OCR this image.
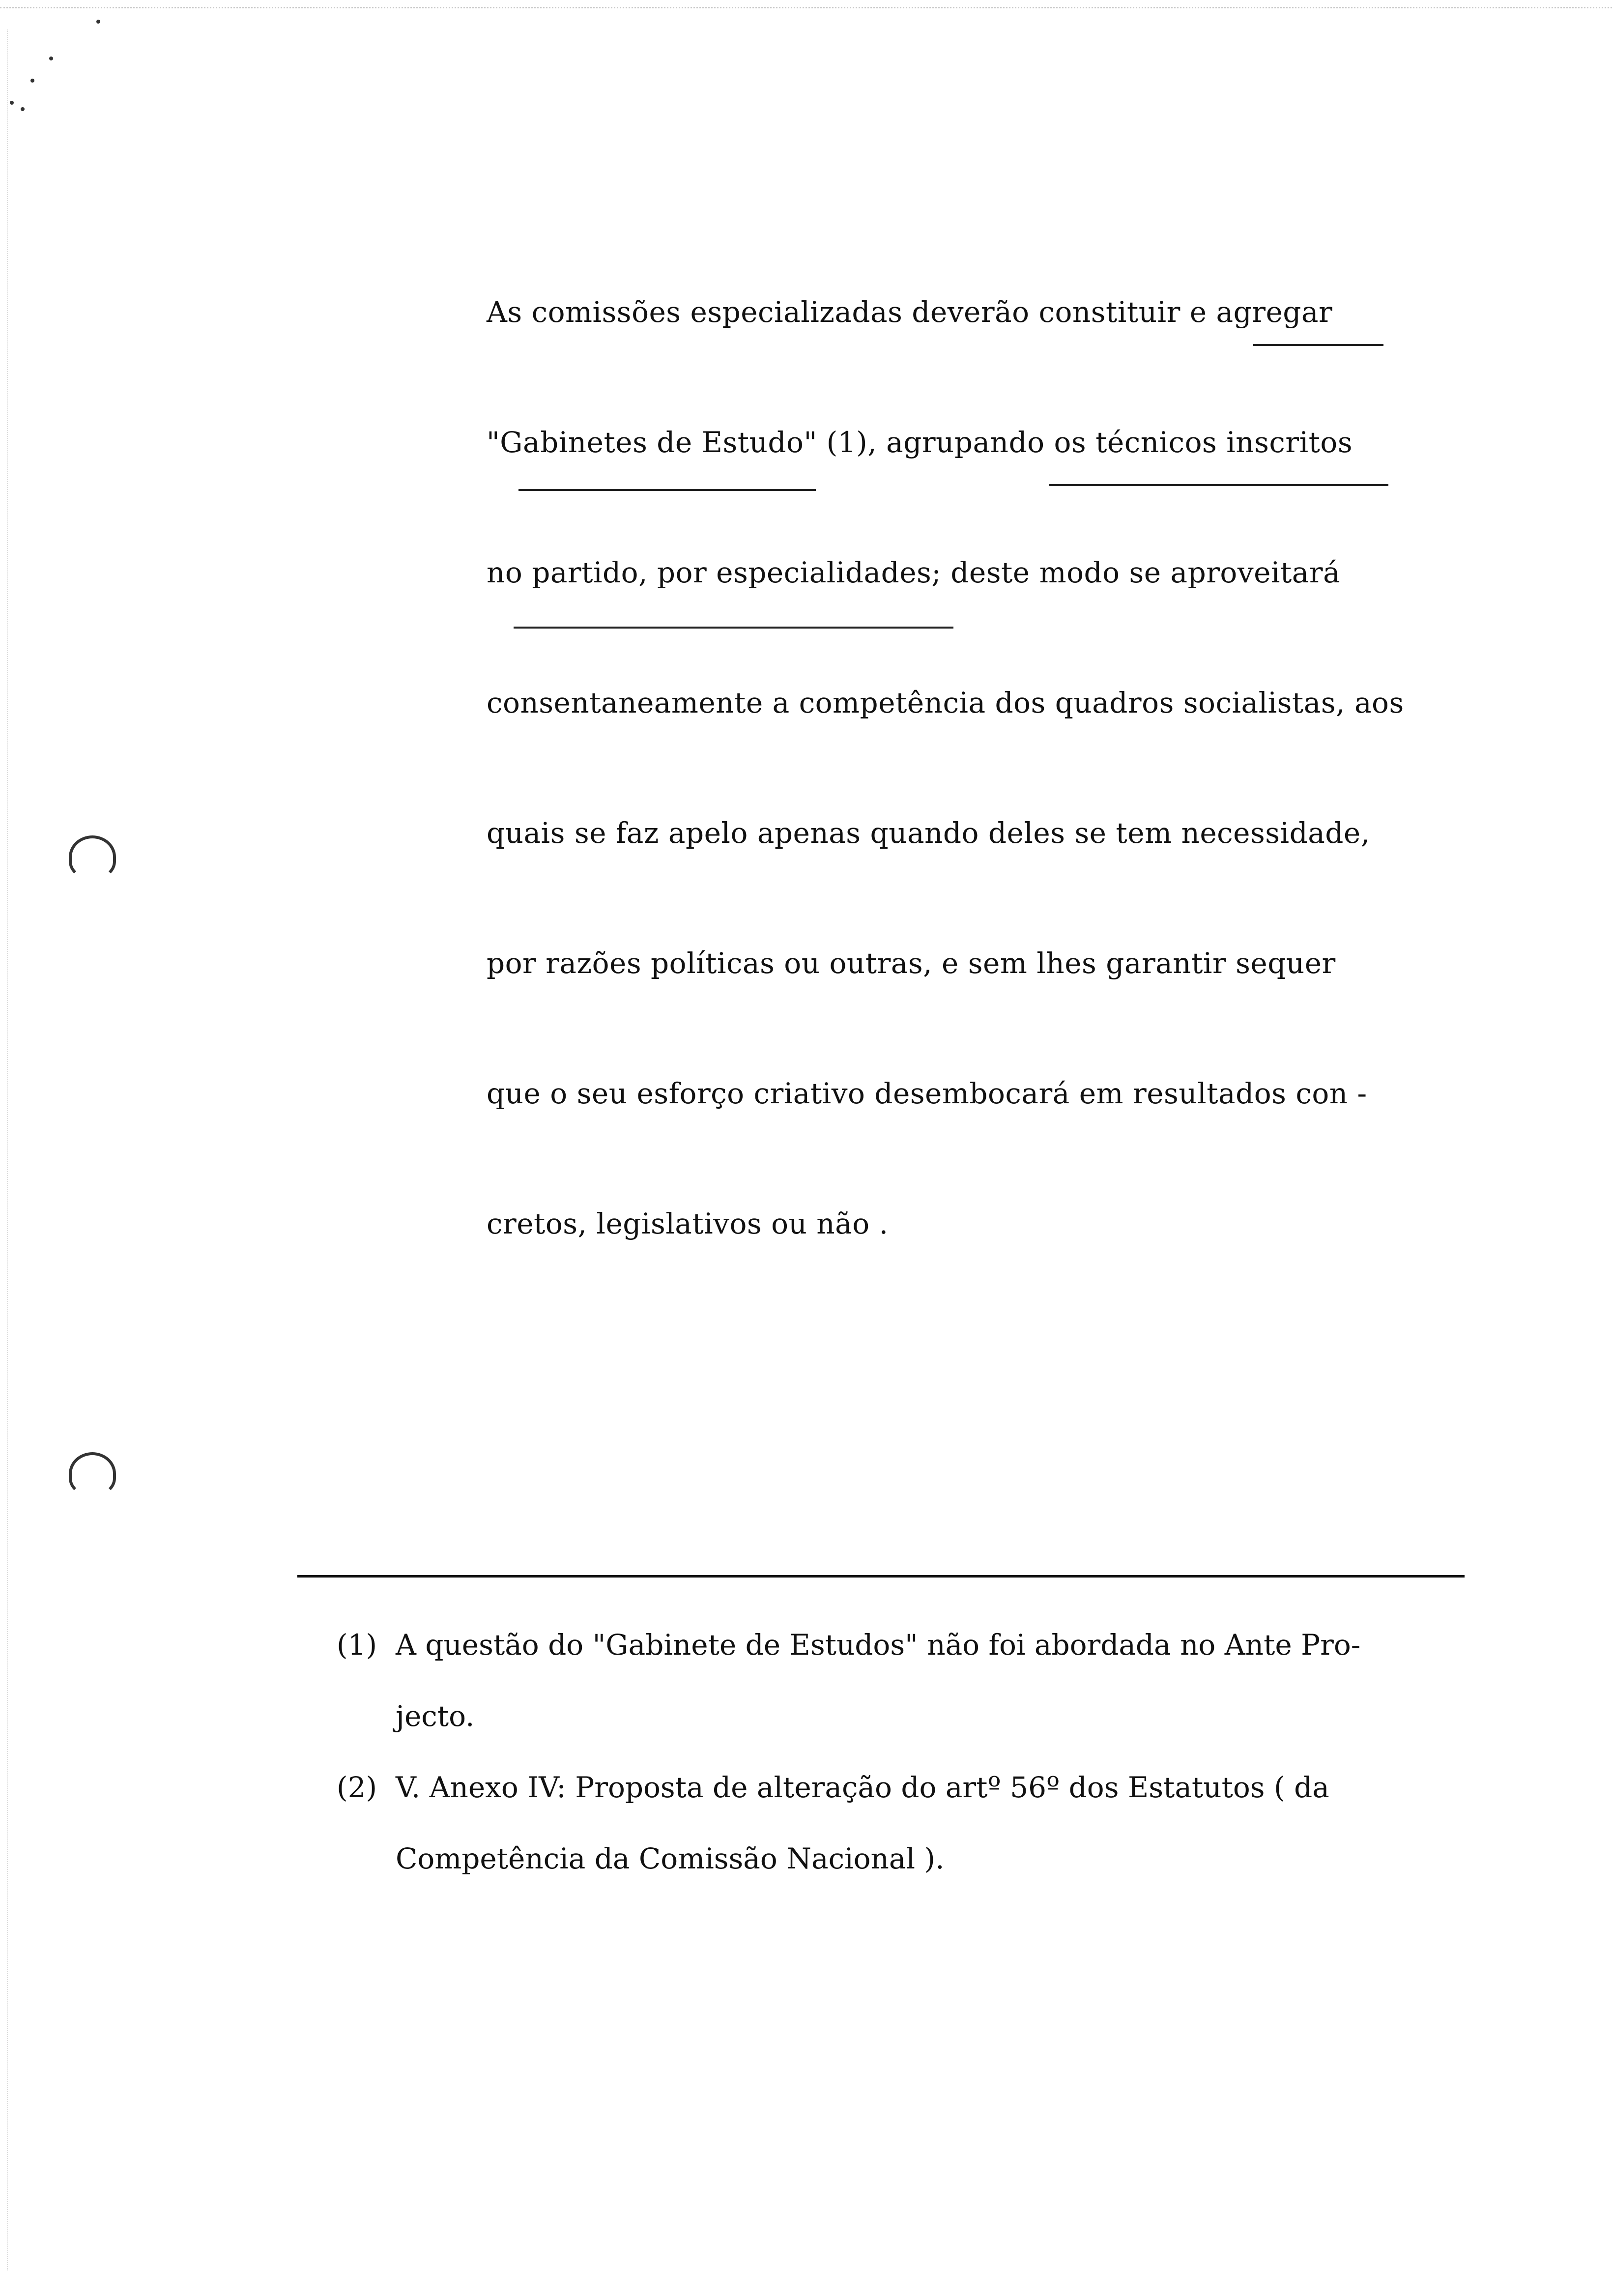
As comissões especializadas deverão constituir e agregar
"Gabinetes de Estudo" (1), agrupando os técnicos inscritos
no partido, por especialidades; deste modo se aproveitará
consentaneamente a competência dos quadros socialistas, aos
quais se faz apelo apenas quando deles se tem necessidade,
por razões políticas ou outras, e sem lhes garantir sequer
que o seu esforço criativo desembocará em resultados con -
cretos, legislativos ou não .
(1) A questão do "Gabinete de Estudos" não foi abordada no Ante Pro-
jecto.
(2) V. Anexo IV: Proposta de alteração do artº 56º dos Estatutos ( da
Competência da Comissão Nacional ).
